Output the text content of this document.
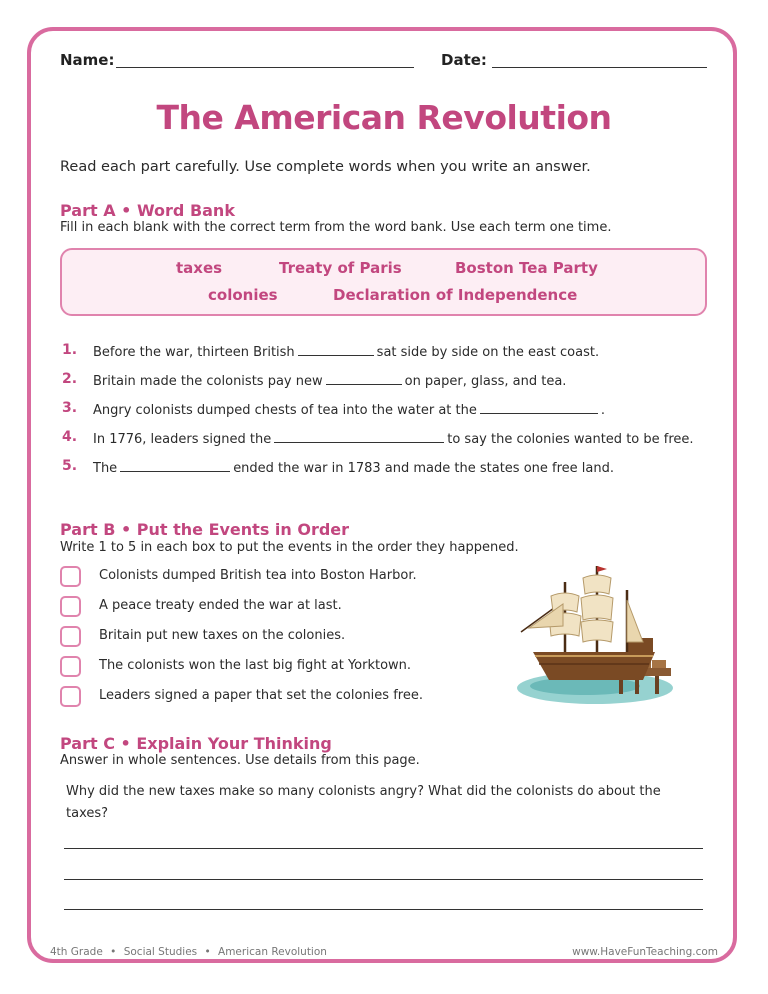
Name:	Date:
The American Revolution
Read each part carefully. Use complete words when you write an answer.
Part A • Word Bank
Fill in each blank with the correct term from the word bank. Use each term one time.
taxes	Treaty of Paris	Boston Tea Party
colonies	Declaration of Independence
1. Before the war, thirteen British	sat side by side on the east coast.
2. Britain made the colonists pay new	on paper, glass, and tea.
3. Angry colonists dumped chests of tea into the water at the	.
4. In 1776, leaders signed the	to say the colonies wanted to be free.
5. The	ended the war in 1783 and made the states one free land.
Part B • Put the Events in Order
Write 1 to 5 in each box to put the events in the order they happened.
Colonists dumped British tea into Boston Harbor.
A peace treaty ended the war at last.
Britain put new taxes on the colonies.
The colonists won the last big fight at Yorktown.
Leaders signed a paper that set the colonies free.
Part C • Explain Your Thinking
Answer in whole sentences. Use details from this page.
Why did the new taxes make so many colonists angry? What did the colonists do about the
taxes?
4th Grade • Social Studies • American Revolution	www.HaveFunTeaching.com
